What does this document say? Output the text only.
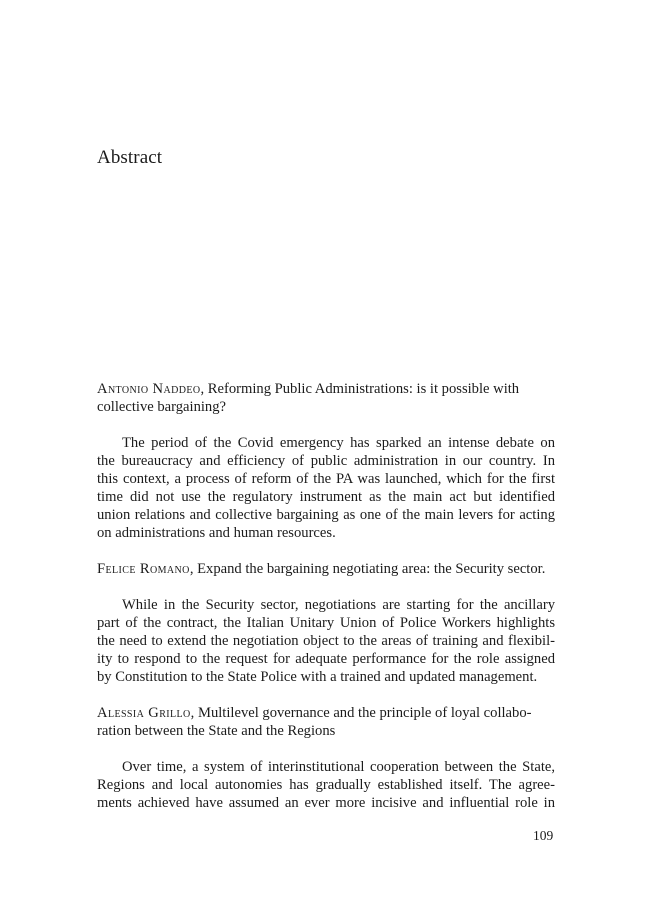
Abstract

Antonio Naddeo, Reforming Public Administrations: is it possible with collective bargaining?

The period of the Covid emergency has sparked an intense debate on
the bureaucracy and efficiency of public administration in our country. In
this context, a process of reform of the PA was launched, which for the first
time did not use the regulatory instrument as the main act but identified
union relations and collective bargaining as one of the main levers for acting
on administrations and human resources.

Felice Romano, Expand the bargaining negotiating area: the Security sector.

While in the Security sector, negotiations are starting for the ancillary
part of the contract, the Italian Unitary Union of Police Workers highlights
the need to extend the negotiation object to the areas of training and flexibil-
ity to respond to the request for adequate performance for the role assigned
by Constitution to the State Police with a trained and updated management.

Alessia Grillo, Multilevel governance and the principle of loyal collabo- ration between the State and the Regions

Over time, a system of interinstitutional cooperation between the State,
Regions and local autonomies has gradually established itself. The agree-
ments achieved have assumed an ever more incisive and influential role in
109
